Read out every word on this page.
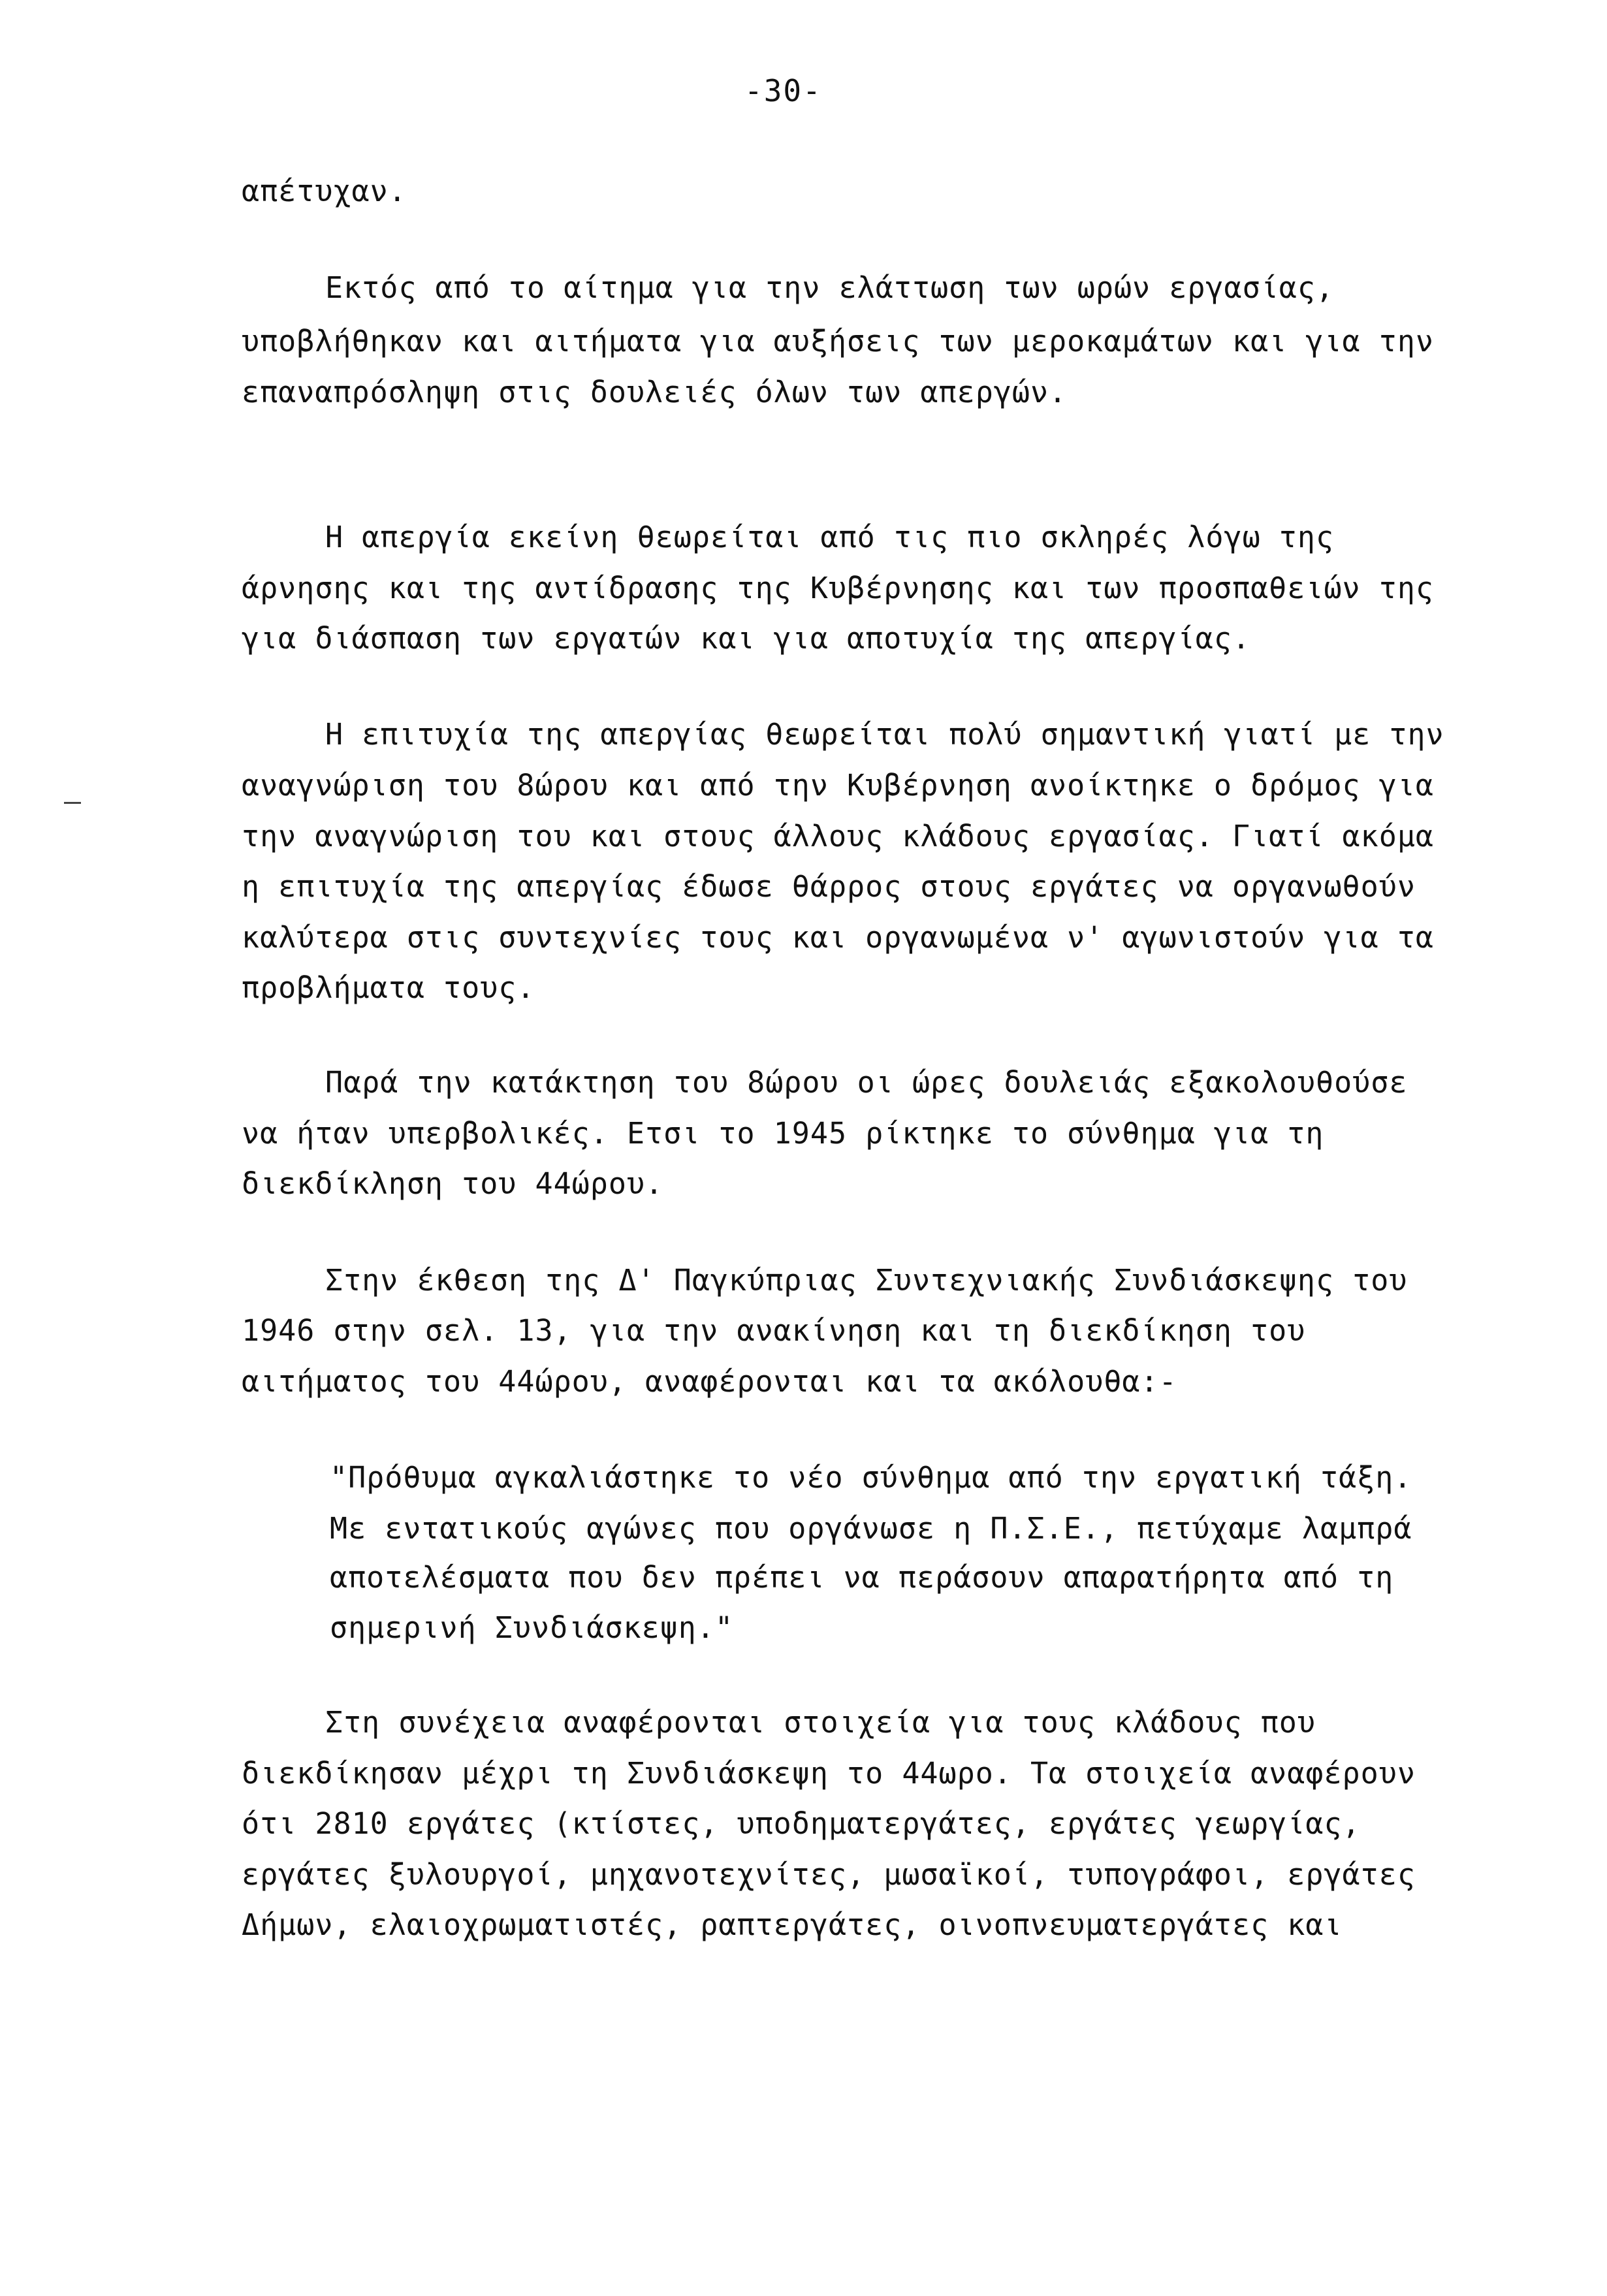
-30-
απέτυχαν.
Εκτός από το αίτημα για την ελάττωση των ωρών εργασίας,
υποβλήθηκαν και αιτήματα για αυξήσεις των μεροκαμάτων και για την
επαναπρόσληψη στις δουλειές όλων των απεργών.
Η απεργία εκείνη θεωρείται από τις πιο σκληρές λόγω της
άρνησης και της αντίδρασης της Κυβέρνησης και των προσπαθειών της
για διάσπαση των εργατών και για αποτυχία της απεργίας.
Η επιτυχία της απεργίας θεωρείται πολύ σημαντική γιατί με την
αναγνώριση του 8ώρου και από την Κυβέρνηση ανοίκτηκε ο δρόμος για
την αναγνώριση του και στους άλλους κλάδους εργασίας. Γιατί ακόμα
η επιτυχία της απεργίας έδωσε θάρρος στους εργάτες να οργανωθούν
καλύτερα στις συντεχνίες τους και οργανωμένα ν' αγωνιστούν για τα
προβλήματα τους.
Παρά την κατάκτηση του 8ώρου οι ώρες δουλειάς εξακολουθούσε
να ήταν υπερβολικές. Ετσι το 1945 ρίκτηκε το σύνθημα για τη
διεκδίκληση του 44ώρου.
Στην έκθεση της Δ' Παγκύπριας Συντεχνιακής Συνδιάσκεψης του
1946 στην σελ. 13, για την ανακίνηση και τη διεκδίκηση του
αιτήματος του 44ώρου, αναφέρονται και τα ακόλουθα:-
"Πρόθυμα αγκαλιάστηκε το νέο σύνθημα από την εργατική τάξη.
Με εντατικούς αγώνες που οργάνωσε η Π.Σ.Ε., πετύχαμε λαμπρά
αποτελέσματα που δεν πρέπει να περάσουν απαρατήρητα από τη
σημερινή Συνδιάσκεψη."
Στη συνέχεια αναφέρονται στοιχεία για τους κλάδους που
διεκδίκησαν μέχρι τη Συνδιάσκεψη το 44ωρο. Τα στοιχεία αναφέρουν
ότι 2810 εργάτες (κτίστες, υποδηματεργάτες, εργάτες γεωργίας,
εργάτες ξυλουργοί, μηχανοτεχνίτες, μωσαϊκοί, τυπογράφοι, εργάτες
Δήμων, ελαιοχρωματιστές, ραπτεργάτες, οινοπνευματεργάτες και
